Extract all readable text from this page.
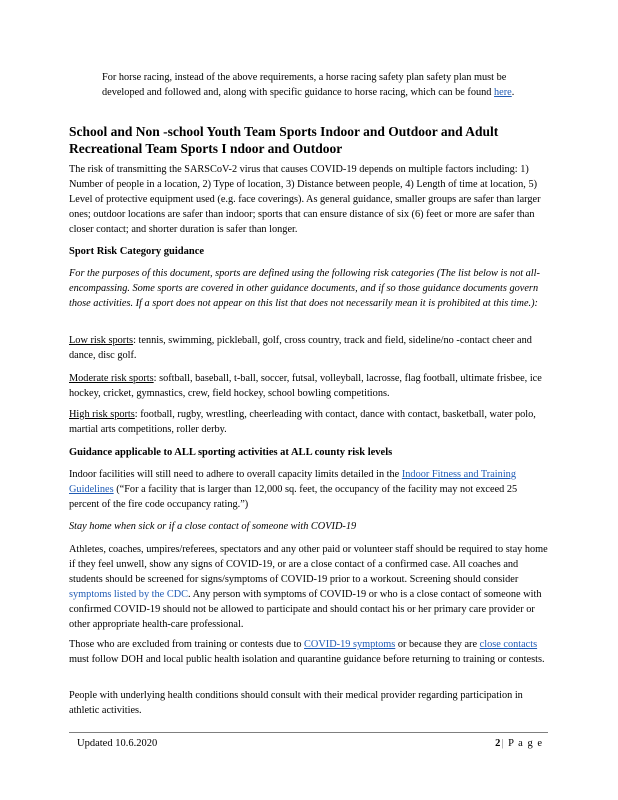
For horse racing, instead of the above requirements, a horse racing safety plan safety plan must be developed and followed and, along with specific guidance to horse racing, which can be found here.
School and Non -school Youth Team Sports Indoor and Outdoor and Adult Recreational Team Sports I ndoor and Outdoor
The risk of transmitting the SARSCoV-2 virus that causes COVID-19 depends on multiple factors including: 1) Number of people in a location, 2) Type of location, 3) Distance between people, 4) Length of time at location, 5) Level of protective equipment used (e.g. face coverings). As general guidance, smaller groups are safer than larger ones; outdoor locations are safer than indoor; sports that can ensure distance of six (6) feet or more are safer than closer contact; and shorter duration is safer than longer.
Sport Risk Category guidance
For the purposes of this document, sports are defined using the following risk categories (The list below is not all-encompassing. Some sports are covered in other guidance documents, and if so those guidance documents govern those activities. If a sport does not appear on this list that does not necessarily mean it is prohibited at this time.):
Low risk sports: tennis, swimming, pickleball, golf, cross country, track and field, sideline/no -contact cheer and dance, disc golf.
Moderate risk sports: softball, baseball, t-ball, soccer, futsal, volleyball, lacrosse, flag football, ultimate frisbee, ice hockey, cricket, gymnastics, crew, field hockey, school bowling competitions.
High risk sports: football, rugby, wrestling, cheerleading with contact, dance with contact, basketball, water polo, martial arts competitions, roller derby.
Guidance applicable to ALL sporting activities at ALL county risk levels
Indoor facilities will still need to adhere to overall capacity limits detailed in the Indoor Fitness and Training Guidelines (“For a facility that is larger than 12,000 sq. feet, the occupancy of the facility may not exceed 25 percent of the fire code occupancy rating.”)
Stay home when sick or if a close contact of someone with COVID-19
Athletes, coaches, umpires/referees, spectators and any other paid or volunteer staff should be required to stay home if they feel unwell, show any signs of COVID-19, or are a close contact of a confirmed case. All coaches and students should be screened for signs/symptoms of COVID-19 prior to a workout. Screening should consider symptoms listed by the CDC. Any person with symptoms of COVID-19 or who is a close contact of someone with confirmed COVID-19 should not be allowed to participate and should contact his or her primary care provider or other appropriate health-care professional.
Those who are excluded from training or contests due to COVID-19 symptoms or because they are close contacts must follow DOH and local public health isolation and quarantine guidance before returning to training or contests.
People with underlying health conditions should consult with their medical provider regarding participation in athletic activities.
Updated 10.6.2020	2| P a g e
